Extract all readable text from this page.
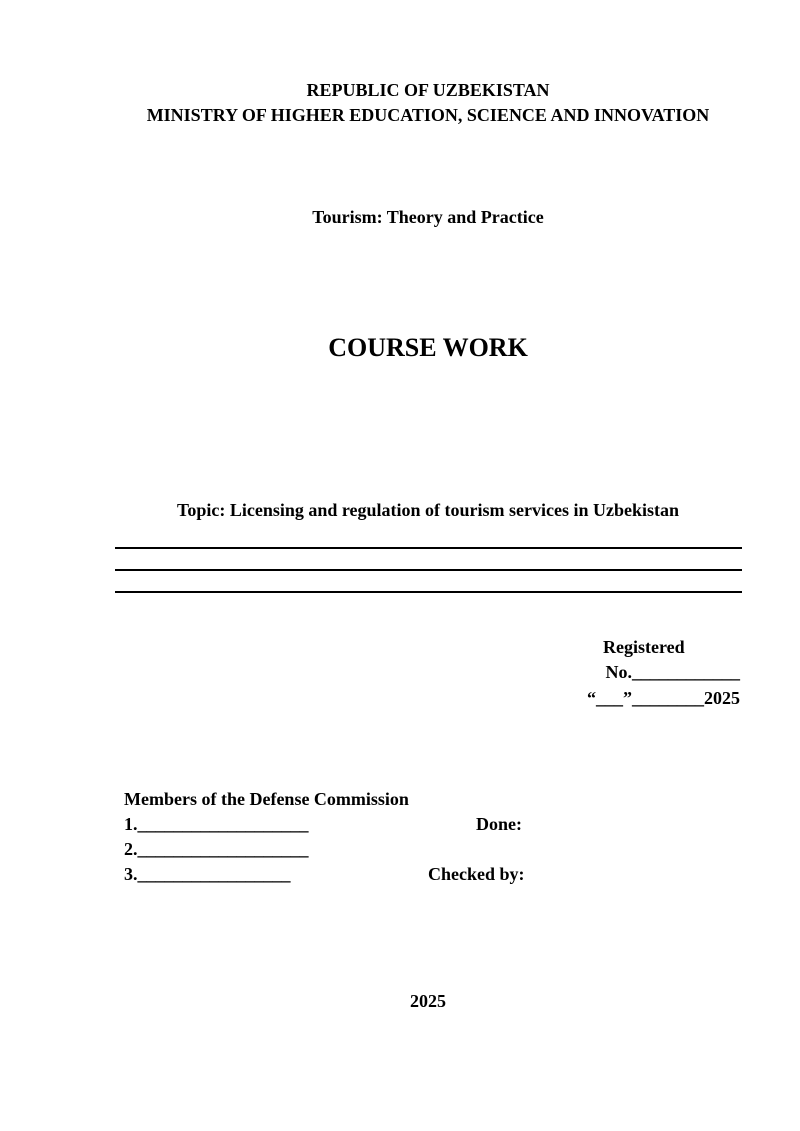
REPUBLIC OF UZBEKISTAN

MINISTRY OF HIGHER EDUCATION, SCIENCE AND INNOVATION

Tourism: Theory and Practice

COURSE WORK

Topic: Licensing and regulation of tourism services in Uzbekistan

Registered

No.____________

“___”________2025

Members of the Defense Commission

1.___________________

2.___________________

3._________________

Done:

Checked by:

2025
